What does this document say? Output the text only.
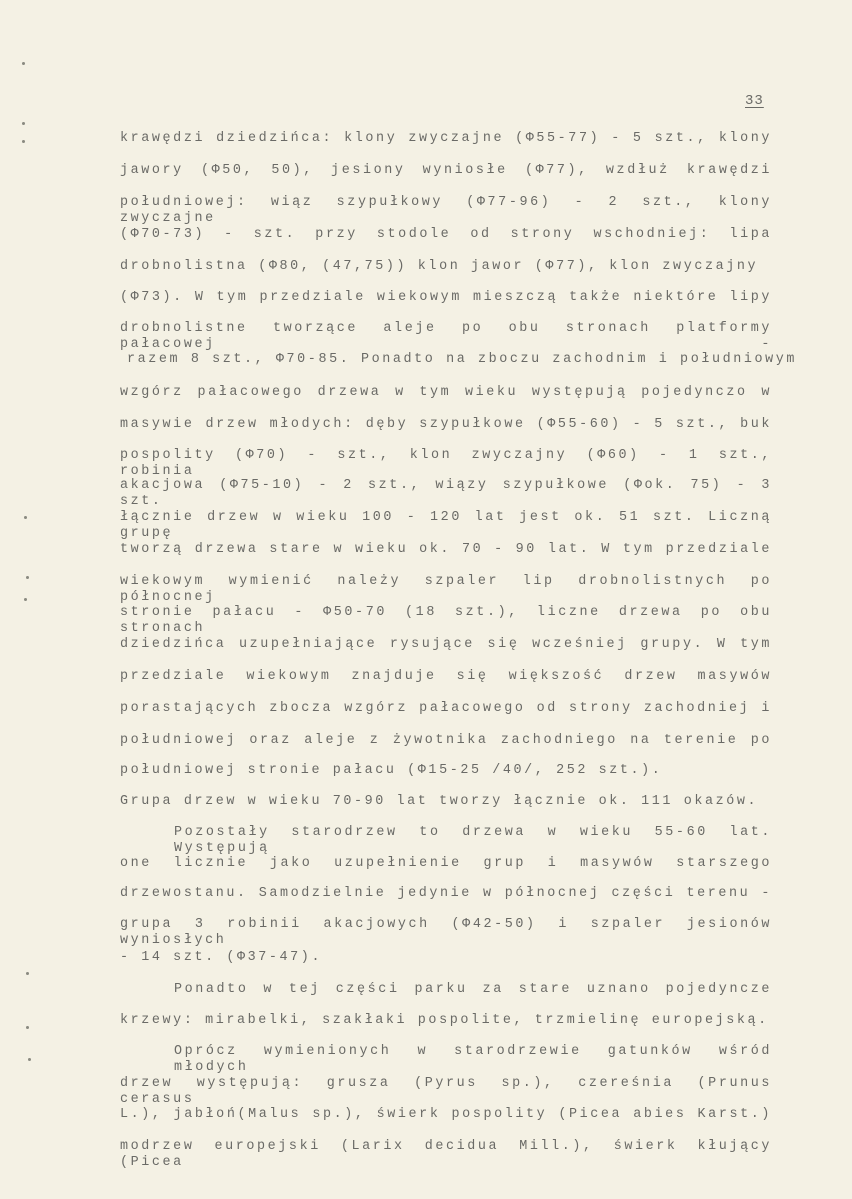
33
krawędzi dziedzińca: klony zwyczajne (Φ55-77) - 5 szt., klony
jawory (Φ50, 50), jesiony wyniosłe (Φ77), wzdłuż krawędzi
południowej: wiąz szypułkowy (Φ77-96) - 2 szt., klony zwyczajne
(Φ70-73) - szt. przy stodole od strony wschodniej: lipa
drobnolistna (Φ80, (47,75)) klon jawor (Φ77), klon zwyczajny
(Φ73). W tym przedziale wiekowym mieszczą także niektóre lipy
drobnolistne tworzące aleje po obu stronach platformy pałacowej -
razem 8 szt., Φ70-85. Ponadto na zboczu zachodnim i południowym
wzgórz pałacowego drzewa w tym wieku występują pojedynczo w
masywie drzew młodych: dęby szypułkowe (Φ55-60) - 5 szt., buk
pospolity (Φ70) - szt., klon zwyczajny (Φ60) - 1 szt., robinia
akacjowa (Φ75-10) - 2 szt., wiązy szypułkowe (Φok. 75) - 3 szt.
łącznie drzew w wieku 100 - 120 lat jest ok. 51 szt. Liczną grupę
tworzą drzewa stare w wieku ok. 70 - 90 lat. W tym przedziale
wiekowym wymienić należy szpaler lip drobnolistnych po północnej
stronie pałacu - Φ50-70 (18 szt.), liczne drzewa po obu stronach
dziedzińca uzupełniające rysujące się wcześniej grupy. W tym
przedziale wiekowym znajduje się większość drzew masywów
porastających zbocza wzgórz pałacowego od strony zachodniej i
południowej oraz aleje z żywotnika zachodniego na terenie po
południowej stronie pałacu (Φ15-25 /40/, 252 szt.).
Grupa drzew w wieku 70-90 lat tworzy łącznie ok. 111 okazów.
Pozostały starodrzew to drzewa w wieku 55-60 lat. Występują
one licznie jako uzupełnienie grup i masywów starszego
drzewostanu. Samodzielnie jedynie w północnej części terenu -
grupa 3 robinii akacjowych (Φ42-50) i szpaler jesionów wyniosłych
- 14 szt. (Φ37-47).
Ponadto w tej części parku za stare uznano pojedyncze
krzewy: mirabelki, szakłaki pospolite, trzmielinę europejską.
Oprócz wymienionych w starodrzewie gatunków wśród młodych
drzew występują: grusza (Pyrus sp.), czereśnia (Prunus cerasus
L.), jabłoń(Malus sp.), świerk pospolity (Picea abies Karst.)
modrzew europejski (Larix decidua Mill.), świerk kłujący (Picea
